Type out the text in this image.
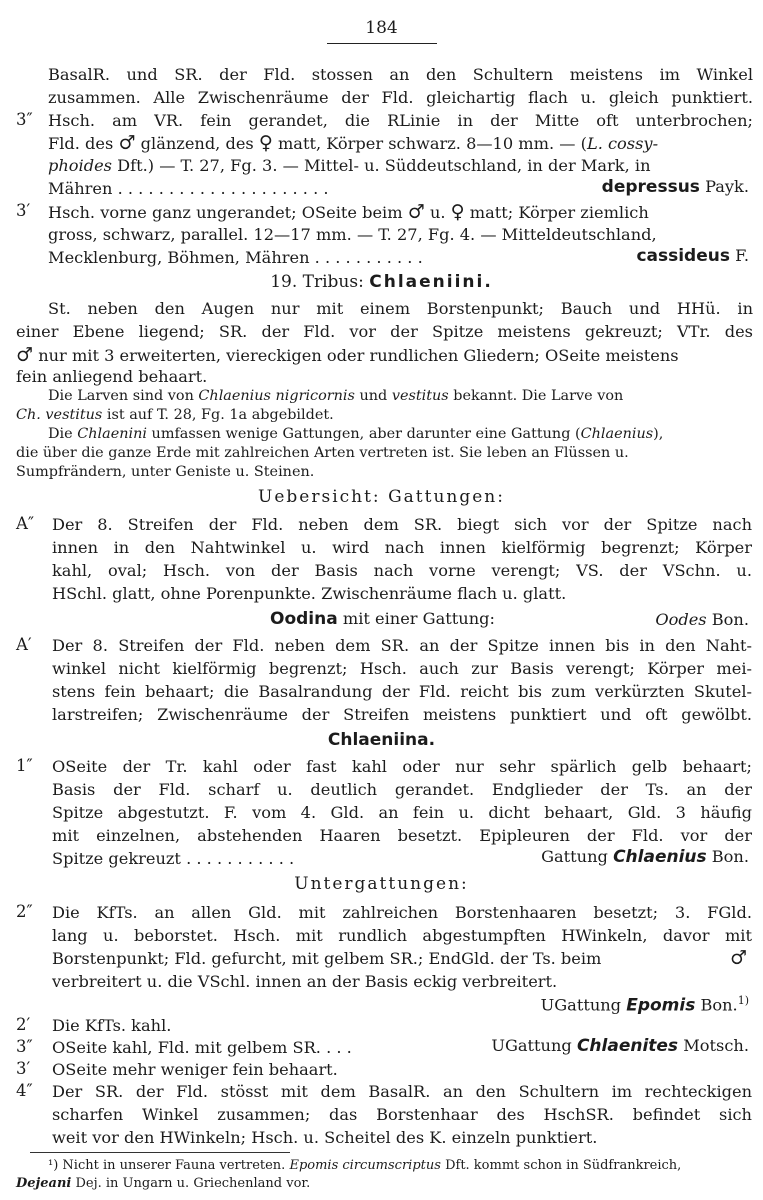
184
BasalR. und SR. der Fld. stossen an den Schultern meistens im Winkel
zusammen. Alle Zwischenräume der Fld. gleichartig flach u. gleich punktiert.
3″ Hsch. am VR. fein gerandet, die RLinie in der Mitte oft unterbrochen;
Fld. des ♂ glänzend, des ♀ matt, Körper schwarz. 8—10 mm. — (L. cossy-
phoides Dft.) — T. 27, Fg. 3. — Mittel- u. Süddeutschland, in der Mark, in
Mähren . . . . . . . . . . . . . . . . . . . . .	depressus Payk.
3′ Hsch. vorne ganz ungerandet; OSeite beim ♂ u. ♀ matt; Körper ziemlich
gross, schwarz, parallel. 12—17 mm. — T. 27, Fg. 4. — Mitteldeutschland,
Mecklenburg, Böhmen, Mähren . . . . . . . . . . .	cassideus F.
19. Tribus: Chlaeniini.
St. neben den Augen nur mit einem Borstenpunkt; Bauch und HHü. in
einer Ebene liegend; SR. der Fld. vor der Spitze meistens gekreuzt; VTr. des
♂ nur mit 3 erweiterten, viereckigen oder rundlichen Gliedern; OSeite meistens
fein anliegend behaart.
Die Larven sind von Chlaenius nigricornis und vestitus bekannt. Die Larve von
Ch. vestitus ist auf T. 28, Fg. 1a abgebildet.
Die Chlaenini umfassen wenige Gattungen, aber darunter eine Gattung (Chlaenius),
die über die ganze Erde mit zahlreichen Arten vertreten ist. Sie leben an Flüssen u.
Sumpfrändern, unter Geniste u. Steinen.
Uebersicht: Gattungen:
A″ Der 8. Streifen der Fld. neben dem SR. biegt sich vor der Spitze nach
innen in den Nahtwinkel u. wird nach innen kielförmig begrenzt; Körper
kahl, oval; Hsch. von der Basis nach vorne verengt; VS. der VSchn. u.
HSchl. glatt, ohne Porenpunkte. Zwischenräume flach u. glatt.
Oodina mit einer Gattung:	Oodes Bon.
A′ Der 8. Streifen der Fld. neben dem SR. an der Spitze innen bis in den Naht-
winkel nicht kielförmig begrenzt; Hsch. auch zur Basis verengt; Körper mei-
stens fein behaart; die Basalrandung der Fld. reicht bis zum verkürzten Skutel-
larstreifen; Zwischenräume der Streifen meistens punktiert und oft gewölbt.
Chlaeniina.
1″ OSeite der Tr. kahl oder fast kahl oder nur sehr spärlich gelb behaart;
Basis der Fld. scharf u. deutlich gerandet. Endglieder der Ts. an der
Spitze abgestutzt. F. vom 4. Gld. an fein u. dicht behaart, Gld. 3 häufig
mit einzelnen, abstehenden Haaren besetzt. Epipleuren der Fld. vor der
Spitze gekreuzt . . . . . . . . . . .	Gattung Chlaenius Bon.
Untergattungen:
2″ Die KfTs. an allen Gld. mit zahlreichen Borstenhaaren besetzt; 3. FGld.
lang u. beborstet. Hsch. mit rundlich abgestumpften HWinkeln, davor mit
Borstenpunkt; Fld. gefurcht, mit gelbem SR.; EndGld. der Ts. beim	♂
verbreitert u. die VSchl. innen an der Basis eckig verbreitert.
UGattung Epomis Bon.$^{1)}$
2′ Die KfTs. kahl.
3″ OSeite kahl, Fld. mit gelbem SR. . . .	UGattung Chlaenites Motsch.
3′ OSeite mehr weniger fein behaart.
4″ Der SR. der Fld. stösst mit dem BasalR. an den Schultern im rechteckigen
scharfen Winkel zusammen; das Borstenhaar des HschSR. befindet sich
weit vor den HWinkeln; Hsch. u. Scheitel des K. einzeln punktiert.
¹) Nicht in unserer Fauna vertreten. Epomis circumscriptus Dft. kommt schon in Südfrankreich,
Dejeani Dej. in Ungarn u. Griechenland vor.
